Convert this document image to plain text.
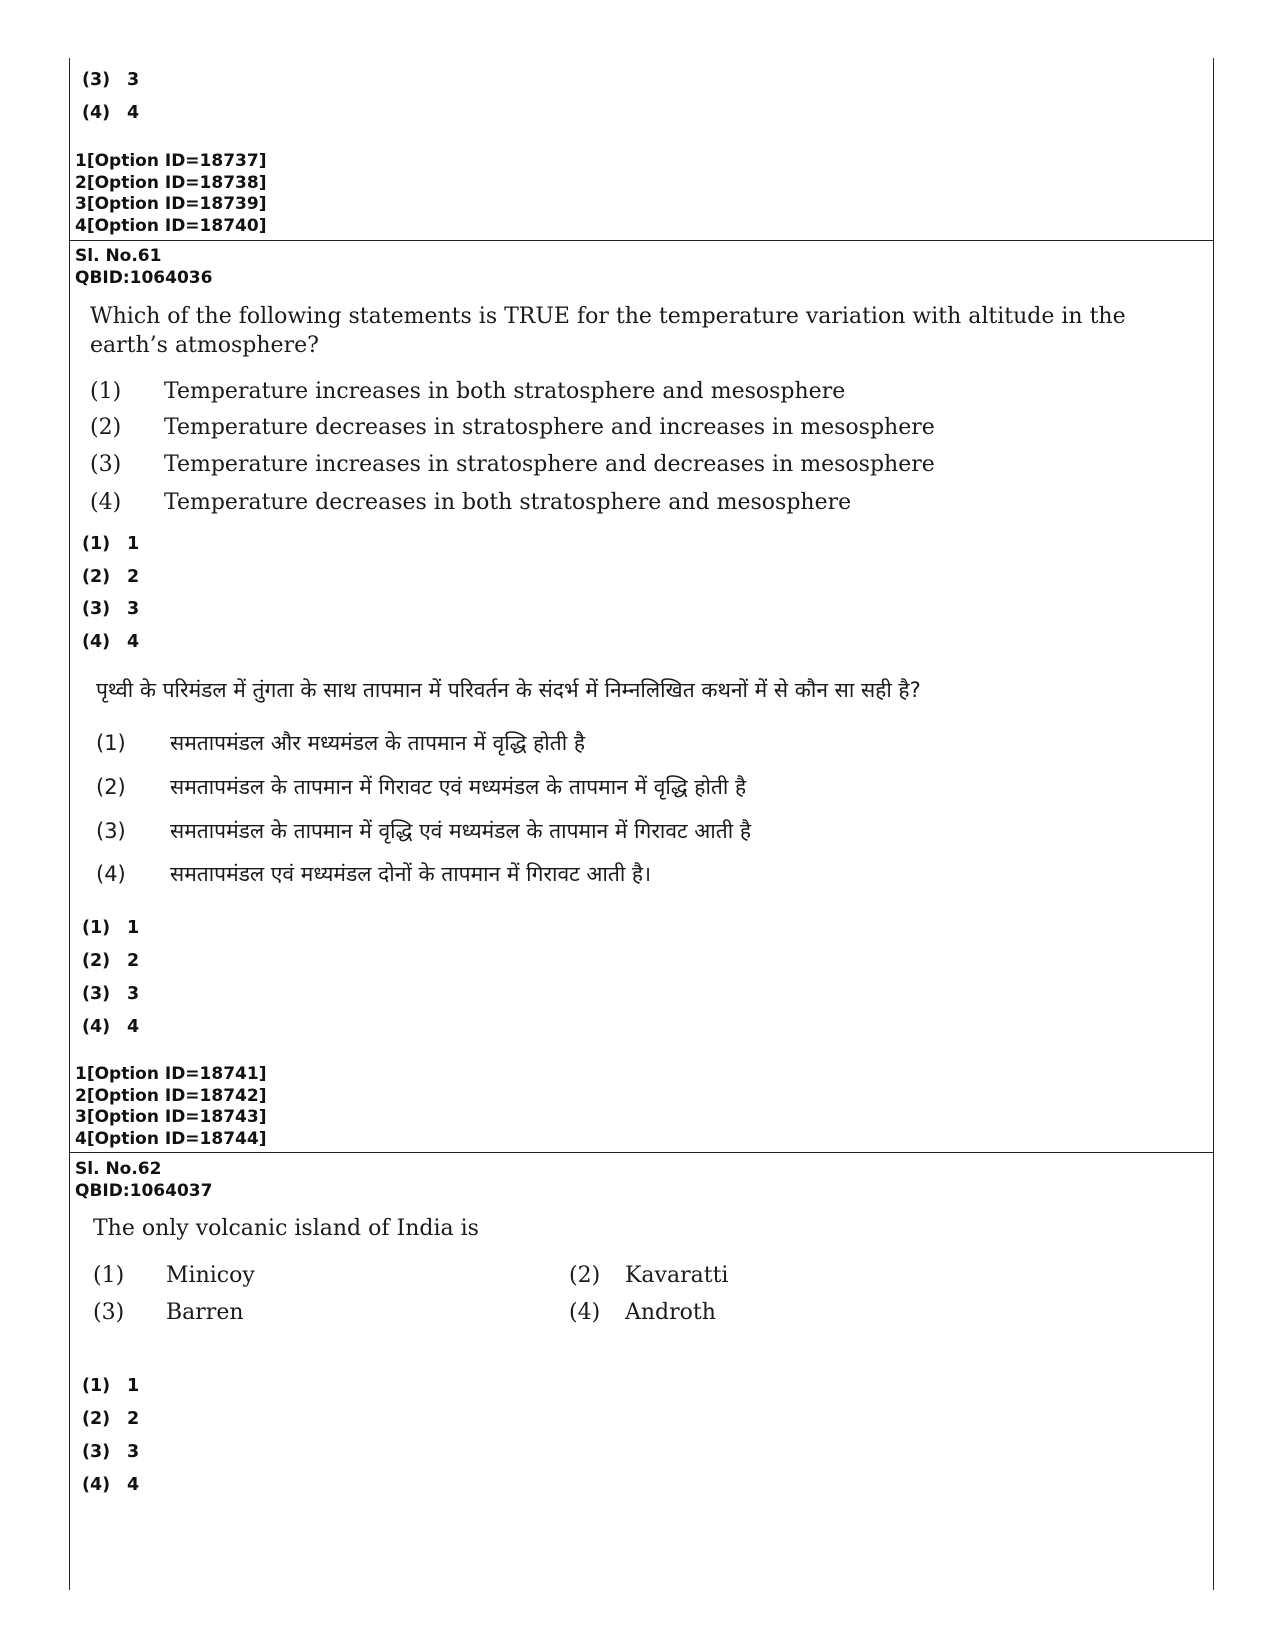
(3) 3
(4) 4
1[Option ID=18737]
2[Option ID=18738]
3[Option ID=18739]
4[Option ID=18740]
Sl. No.61
QBID:1064036
Which of the following statements is TRUE for the temperature variation with altitude in the
earth’s atmosphere?
(1)	Temperature increases in both stratosphere and mesosphere
(2)	Temperature decreases in stratosphere and increases in mesosphere
(3)	Temperature increases in stratosphere and decreases in mesosphere
(4)	Temperature decreases in both stratosphere and mesosphere
(1) 1
(2) 2
(3) 3
(4) 4
पृथ्वी के परिमंडल में तुंगता के साथ तापमान में परिवर्तन के संदर्भ में निम्नलिखित कथनों में से कौन सा सही है?
(1)	समतापमंडल और मध्यमंडल के तापमान में वृद्धि होती है
(2)	समतापमंडल के तापमान में गिरावट एवं मध्यमंडल के तापमान में वृद्धि होती है
(3)	समतापमंडल के तापमान में वृद्धि एवं मध्यमंडल के तापमान में गिरावट आती है
(4)	समतापमंडल एवं मध्यमंडल दोनों के तापमान में गिरावट आती है।
(1) 1
(2) 2
(3) 3
(4) 4
1[Option ID=18741]
2[Option ID=18742]
3[Option ID=18743]
4[Option ID=18744]
Sl. No.62
QBID:1064037
The only volcanic island of India is
(1)	Minicoy	(2)	Kavaratti
(3)	Barren	(4)	Androth
(1) 1
(2) 2
(3) 3
(4) 4
